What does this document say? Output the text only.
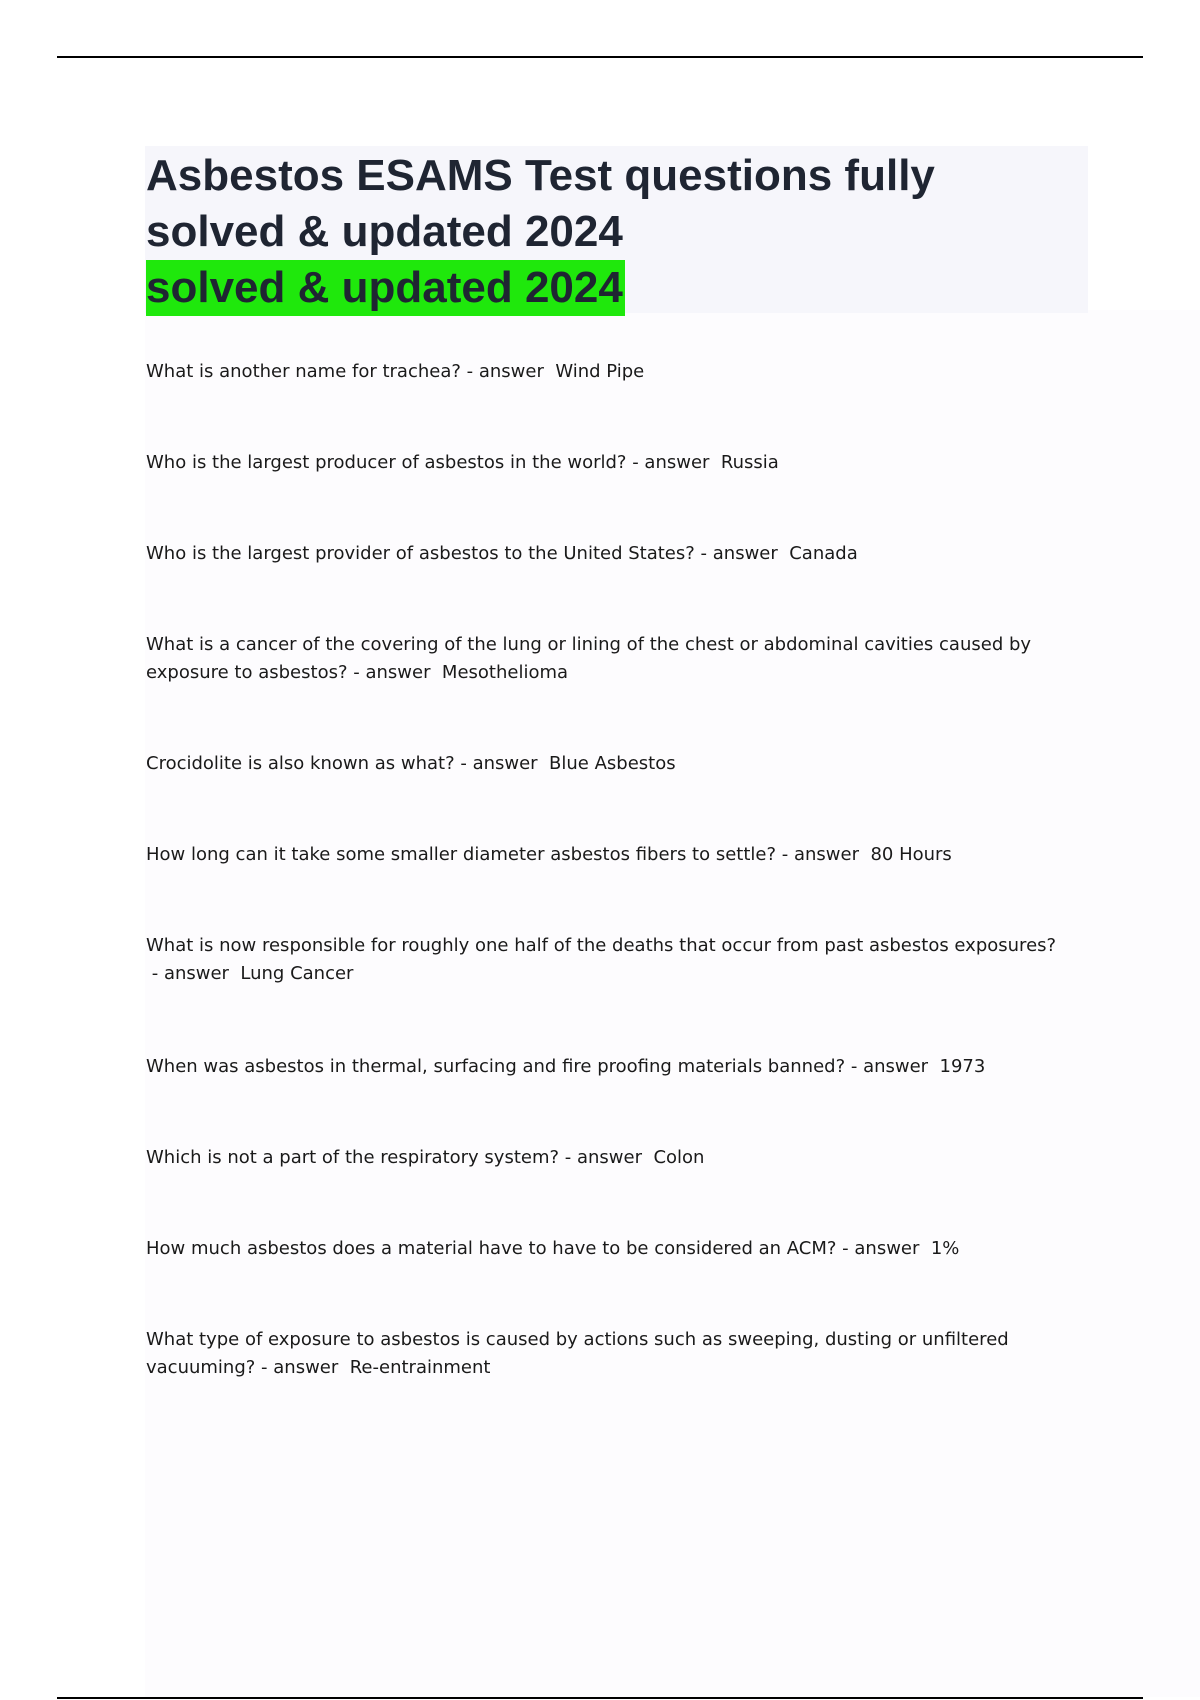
Asbestos ESAMS Test questions fully
solved & updated 2024
solved & updated 2024

What is another name for trachea? - answer  Wind Pipe

Who is the largest producer of asbestos in the world? - answer  Russia

Who is the largest provider of asbestos to the United States? - answer  Canada

What is a cancer of the covering of the lung or lining of the chest or abdominal cavities caused by exposure to asbestos? - answer  Mesothelioma

Crocidolite is also known as what? - answer  Blue Asbestos

How long can it take some smaller diameter asbestos fibers to settle? - answer  80 Hours

What is now responsible for roughly one half of the deaths that occur from past asbestos exposures? - answer  Lung Cancer

When was asbestos in thermal, surfacing and fire proofing materials banned? - answer  1973

Which is not a part of the respiratory system? - answer  Colon

How much asbestos does a material have to have to be considered an ACM? - answer  1%

What type of exposure to asbestos is caused by actions such as sweeping, dusting or unfiltered vacuuming? - answer  Re-entrainment
